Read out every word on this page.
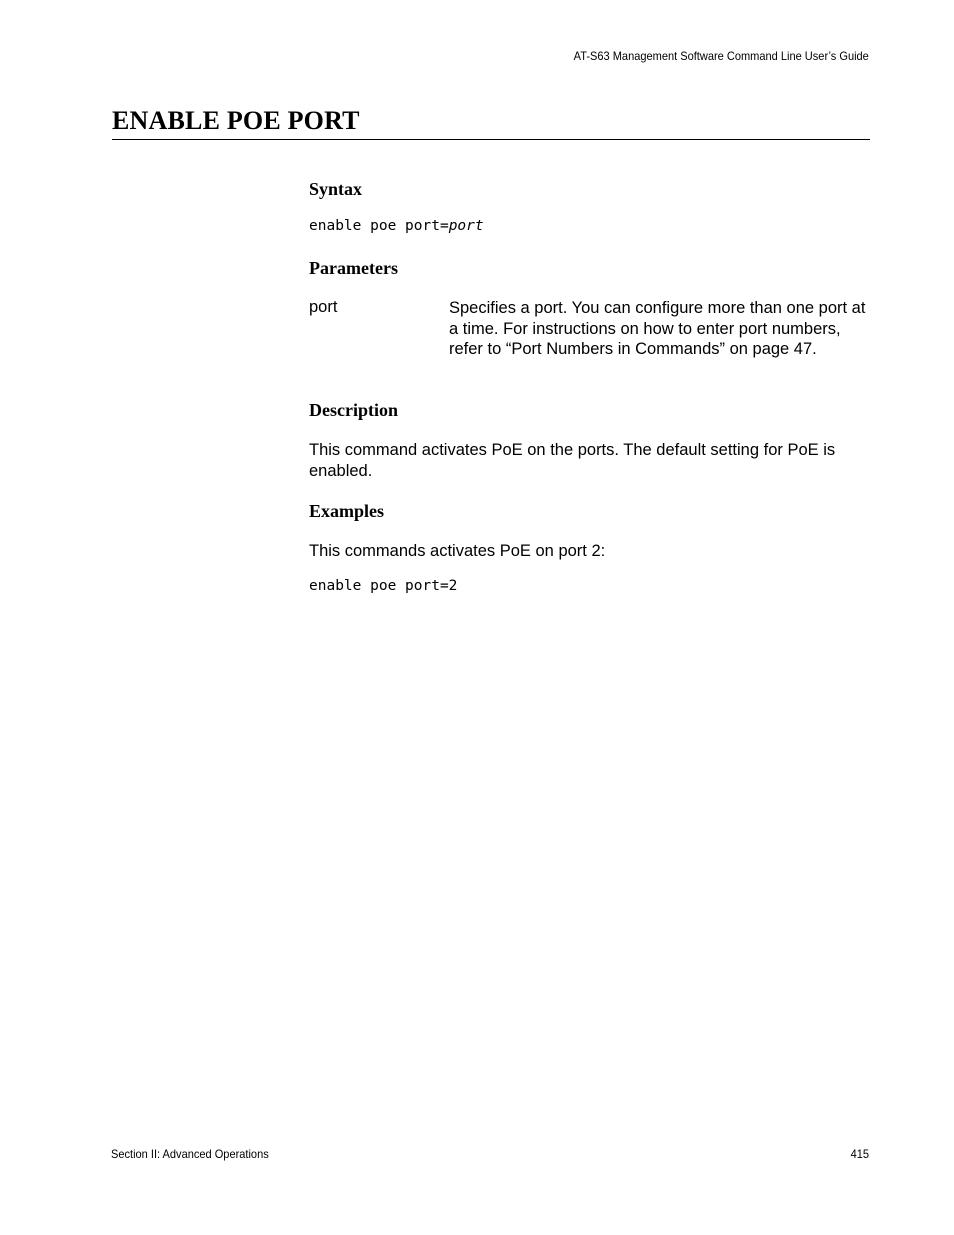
AT-S63 Management Software Command Line User’s Guide
ENABLE POE PORT
Syntax
enable poe port=port
Parameters
port	Specifies a port. You can configure more than one port at a time. For instructions on how to enter port numbers, refer to “Port Numbers in Commands” on page 47.
Description
This command activates PoE on the ports. The default setting for PoE is enabled.
Examples
This commands activates PoE on port 2:
enable poe port=2
Section II: Advanced Operations	415
